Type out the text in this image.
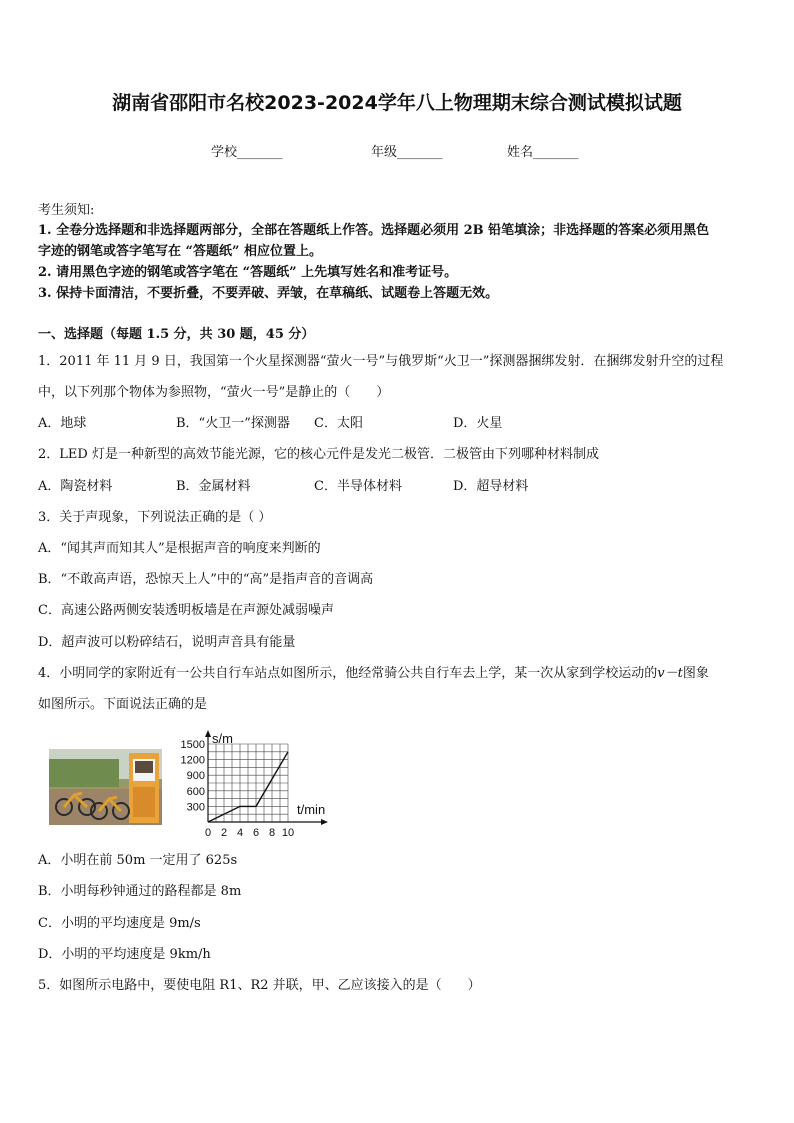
湖南省邵阳市名校2023-2024学年八上物理期末综合测试模拟试题
学校_______	年级_______	姓名_______
考生须知:
1. 全卷分选择题和非选择题两部分，全部在答题纸上作答。选择题必须用 2B 铅笔填涂；非选择题的答案必须用黑色
字迹的钢笔或答字笔写在 “答题纸” 相应位置上。
2. 请用黑色字迹的钢笔或答字笔在 “答题纸” 上先填写姓名和准考证号。
3. 保持卡面清洁，不要折叠，不要弄破、弄皱，在草稿纸、试题卷上答题无效。
一、选择题（每题 1.5 分，共 30 题，45 分）
1．2011 年 11 月 9 日，我国第一个火星探测器“萤火一号”与俄罗斯“火卫一”探测器捆绑发射．在捆绑发射升空的过程
中，以下列那个物体为参照物，“萤火一号”是静止的（　　）
A．地球	B．“火卫一”探测器 C．太阳	D．火星
2．LED 灯是一种新型的高效节能光源，它的核心元件是发光二极管．二极管由下列哪种材料制成
A．陶瓷材料	B．金属材料	C．半导体材料	D．超导材料
3．关于声现象，下列说法正确的是（ ）
A．“闻其声而知其人”是根据声音的响度来判断的
B．“不敢高声语，恐惊天上人”中的“高”是指声音的音调高
C．高速公路两侧安装透明板墙是在声源处减弱噪声
D．超声波可以粉碎结石，说明声音具有能量
4．小明同学的家附近有一公共自行车站点如图所示，他经常骑公共自行车去上学，某一次从家到学校运动的v－t图象
如图所示。下面说法正确的是
s/m
t/min
300
600
900
1200
1500
0 2 4 6 8 10
A．小明在前 50m 一定用了 625s
B．小明每秒钟通过的路程都是 8m
C．小明的平均速度是 9m/s
D．小明的平均速度是 9km/h
5．如图所示电路中，要使电阻 R1、R2 并联，甲、乙应该接入的是（　　）
